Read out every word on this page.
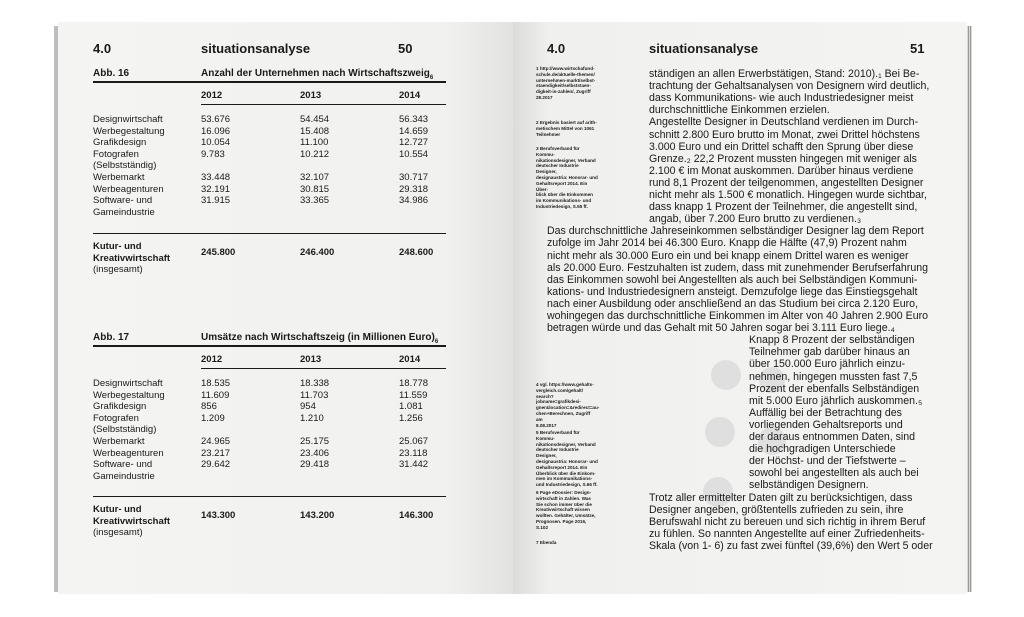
4.0	situationsanalyse	50
Abb. 16	Anzahl der Unternehmen nach Wirtschaftszweig$_6$
2012	2013	2014
Designwirtschaft	53.676	54.454	56.343
Werbegestaltung	16.096	15.408	14.659
Grafikdesign	10.054	11.100	12.727
Fotografen
(Selbstständig)
9.783	10.212	10.554
Werbemarkt	33.448	32.107	30.717
Werbeagenturen	32.191	30.815	29.318
Software- und
Gameindustrie
31.915	33.365	34.986
Kutur- und
Kreativwirtschaft
(insgesamt)
245.800	246.400	248.600
Abb. 17	Umsätze nach Wirtschaftszeig (in Millionen $Euro)_6$
2012	2013	2014
Designwirtschaft	18.535	18.338	18.778
Werbegestaltung	11.609	11.703	11.559
Grafikdesign	856	954	1.081
Fotografen
(Selbstständig)
1.209	1.210	1.256
Werbemarkt	24.965	25.175	25.067
Werbeagenturen	23.217	23.406	23.118
Software- und
Gameindustrie
29.642	29.418	31.442
Kutur- und
Kreativwirtschaft
(insgesamt)
143.300	143.200	146.300
4.0	situationsanalyse	51
1 http://www.wirtschafund-
schule.de/aktuelle-themen/
unternehmen-markt/selbst-
staendigkeit/selbststaen-
digkeit-in-zahlen/, Zugriff
28.2017
2 Ergebnis basiert auf arith-
metischem Mittel von 1061
Teilnehmer
3 Berufsverband für Kommu-
nikationsdesigner, Verband
deutscher Industrie Designer,
designaustria: Honorar- und
Gehaltsreport 2014. Ein Über-
blick über die Einkommen
im Kommunikations- und
Industriedesign, S.55 ff.
4 vgl. https://www.gehalts-
vergleich.com/gehalt/
search?jobname=grafikdesi-
gner&location=&redirect=au-
chen+Berechnen, Zugriff am
8.08.2017
5 Berufsverband für Kommu-
nikationsdesigner, Verband
deutscher Industrie Designer,
designaustria: Honorar- und
Gehaltsreport 2014. Ein
Überblick über die Einkom-
men im Kommunikations-
und Industriedesign, S.66 ff.
6 Page eDossier: Design-
wirtschaft in Zahlen. Was
Sie schon immer über die
Kreativwirtschaft wissen
wollten. Gehälter, Umsätze,
Prognosen. Page 2016, S.102
7 Ebenda
ständigen an allen Erwerbstätigen, Stand: 2010).₁ Bei Be-
trachtung der Gehaltsanalysen von Designern wird deutlich,
dass Kommunikations- wie auch Industriedesigner meist
durchschnittliche Einkommen erzielen.
Angestellte Designer in Deutschland verdienen im Durch-
schnitt 2.800 Euro brutto im Monat, zwei Drittel höchstens
3.000 Euro und ein Drittel schafft den Sprung über diese
Grenze.₂ 22,2 Prozent mussten hingegen mit weniger als
2.100 € im Monat auskommen. Darüber hinaus verdiene
rund 8,1 Prozent der teilgenommen, angestellten Designer
nicht mehr als 1.500 € monatlich. Hingegen wurde sichtbar,
dass knapp 1 Prozent der Teilnehmer, die angestellt sind,
angab, über 7.200 Euro brutto zu verdienen.₃
Das durchschnittliche Jahreseinkommen selbständiger Designer lag dem Report
zufolge im Jahr 2014 bei 46.300 Euro. Knapp die Hälfte (47,9) Prozent nahm
nicht mehr als 30.000 Euro ein und bei knapp einem Drittel waren es weniger
als 20.000 Euro. Festzuhalten ist zudem, dass mit zunehmender Berufserfahrung
das Einkommen sowohl bei Angestellten als auch bei Selbständigen Kommuni-
kations- und Industriedesignern ansteigt. Demzufolge liege das Einstiegsgehalt
nach einer Ausbildung oder anschließend an das Studium bei circa 2.120 Euro,
wohingegen das durchschnittliche Einkommen im Alter von 40 Jahren 2.900 Euro
betragen würde und das Gehalt mit 50 Jahren sogar bei 3.111 Euro liege.₄
Knapp 8 Prozent der selbständigen
Teilnehmer gab darüber hinaus an
über 150.000 Euro jährlich einzu-
nehmen, hingegen mussten fast 7,5
Prozent der ebenfalls Selbständigen
mit 5.000 Euro jährlich auskommen.₅
Auffällig bei der Betrachtung des
vorliegenden Gehaltsreports und
der daraus entnommen Daten, sind
die hochgradigen Unterschiede
der Höchst- und der Tiefstwerte –
sowohl bei angestellten als auch bei
selbständigen Designern.
Trotz aller ermittelter Daten gilt zu berücksichtigen, dass
Designer angeben, größtentells zufrieden zu sein, ihre
Berufswahl nicht zu bereuen und sich richtig in ihrem Beruf
zu fühlen. So nannten Angestellte auf einer Zufriedenheits-
Skala (von 1- 6) zu fast zwei fünftel (39,6%) den Wert 5 oder
